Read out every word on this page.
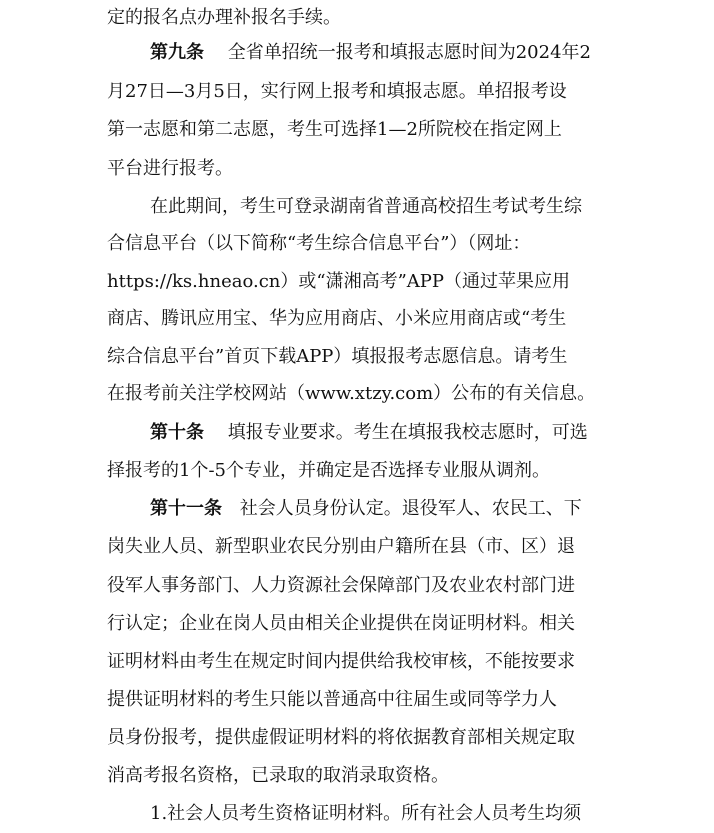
定的报名点办理补报名手续。
第九条 全省单招统一报考和填报志愿时间为2024年2
月27日—3月5日，实行网上报考和填报志愿。单招报考设
第一志愿和第二志愿，考生可选择1—2所院校在指定网上
平台进行报考。
在此期间，考生可登录湖南省普通高校招生考试考生综
合信息平台（以下简称“考生综合信息平台”）（网址：
https://ks.hneao.cn）或“潇湘高考”APP（通过苹果应用
商店、腾讯应用宝、华为应用商店、小米应用商店或“考生
综合信息平台”首页下载APP）填报报考志愿信息。请考生
在报考前关注学校网站（www.xtzy.com）公布的有关信息。
第十条 填报专业要求。考生在填报我校志愿时，可选
择报考的1个-5个专业，并确定是否选择专业服从调剂。
第十一条 社会人员身份认定。退役军人、农民工、下
岗失业人员、新型职业农民分别由户籍所在县（市、区）退
役军人事务部门、人力资源社会保障部门及农业农村部门进
行认定；企业在岗人员由相关企业提供在岗证明材料。相关
证明材料由考生在规定时间内提供给我校审核，不能按要求
提供证明材料的考生只能以普通高中往届生或同等学力人
员身份报考，提供虚假证明材料的将依据教育部相关规定取
消高考报名资格，已录取的取消录取资格。
1.社会人员考生资格证明材料。所有社会人员考生均须
